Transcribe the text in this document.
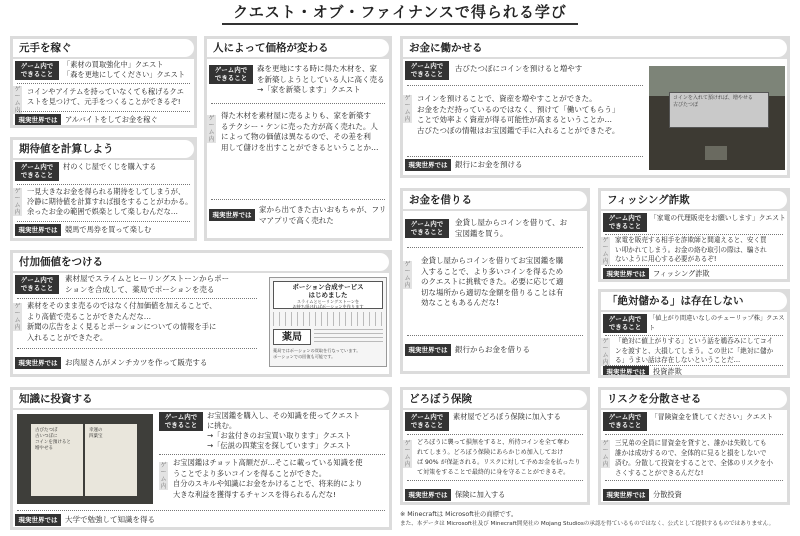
クエスト・オブ・ファイナンスで得られる学び
元手を稼ぐ
ゲーム内で
できること
「素材の買取強化中」クエスト
「森を更地にしてください」クエスト
ゲ ー ム 内
コインやアイテムを持っていなくても稼げるクエ
ストを見つけて、元手をつくることができるぞ!
現実世界では	アルバイトをしてお金を稼ぐ
期待値を計算しよう
ゲーム内で
できること
村のくじ屋でくじを購入する
ゲ ー ム 内
一見大きなお金を得られる期待をしてしまうが、
冷静に期待値を計算すれば損をすることがわかる。
余ったお金の範囲で娯楽として楽しむんだな…
現実世界では	競馬で馬券を買って楽しむ
人によって価格が変わる
ゲーム内で
できること
森を更地にする時に得た木材を、家
を新築しようとしている人に高く売る
→「家を新築します」クエスト
ゲ ー ム 内
得た木材を素材屋に売るよりも、家を新築す
るテクシー・ケンに売った方が高く売れた。人
によって物の価値は異なるので、その差を利
用して儲けを出すことができるということか…
現実世界では
家から出てきた古いおもちゃが、フリ
マアプリで高く売れた
お金に働かせる
ゲーム内で
できること
古びたつぼにコインを預けると増やす
ゲ ー ム 内
コインを預けることで、資産を増やすことができた。
お金をただ持っているのではなく、預けて「働いてもらう」
ことで効率よく資産が得る可能性が高まるということか…
古びたつぼの情報はお宝図鑑で手に入れることができたぞ。
現実世界では	銀行にお金を預ける
コインを入れて預ければ、増やせる
古びたつぼ
お金を借りる
ゲーム内で
できること
金貸し屋からコインを借りて、お
宝図鑑を買う。
ゲ ー ム 内
金貸し屋からコインを借りてお宝図鑑を購
入することで、より多いコインを得るため
のクエストに挑戦できた。必要に応じて適
切な場所から適切な金額を借りることは有
効なこともあるんだな!
現実世界では	銀行からお金を借りる
フィッシング詐欺
ゲーム内で
できること
「家電の代理販売をお願いします」クエスト
ゲ ー ム 内
家電を販売する相手を詐欺師と間違えると、安く買
い叩かれてしまう。お金の絡む取引の際は、騙され
ないように用心する必要があるぞ!
現実世界では	フィッシング詐欺
「絶対儲かる」は存在しない
ゲーム内で
できること
「値上がり間違いなしのチューリップ株」クエスト
ゲ ー ム 内
「絶対に値上がりする」という話を鵜呑みにしてコイ
ンを渡すと、大損してしまう。この世に「絶対に儲か
る」うまい話は存在しないということだ…
現実世界では	投資詐欺
付加価値をつける
ゲーム内で
できること
素材屋でスライムとヒーリングストーンからポー
ションを合成して、薬局でポーションを売る
ゲ ー ム 内
素材をそのまま売るのではなく付加価値を加えることで、
より高値で売ることができたんだな…
新聞の広告をよく見るとポーションについての情報を手に
入れることができたぞ。
現実世界では	お肉屋さんがメンチカツを作って販売する
ポーション合成サービス
はじめました
スライムとヒーリングストーンを
お持ち頂ければポーションを作ります
薬局
薬局ではポーションの買取を行なっています。
ポーションでの回復も可能です。
知識に投資する
古びたつぼ
古いつぼに
コインを預けると
増やせる
幸運の
四葉宝
ゲーム内で
できること
お宝図鑑を購入し、その知識を使ってクエスト
に挑む。
→「お盆付きのお宝買い取ります」クエスト
→「伝説の四葉宝を探しています」クエスト
ゲ ー ム 内
お宝図鑑はチョット高額だが…そこに載っている知識を使
うことでより多いコインを得ることができた。
自分のスキルや知識にお金をかけることで、将来的により
大きな利益を獲得するチャンスを得られるんだな!
現実世界では	大学で勉強して知識を得る
どろぼう保険
ゲーム内で
できること
素材屋でどろぼう保険に加入する
ゲ ー ム 内
どろぼうに襲って損無をすると、所持コインを全て奪わ
れてしまう。どろぼう保険にあらかじめ加入しておけ
ば 90% が保証される。リスクに対して予めお金を払ったり
て対策をすることで最終的に身を守ることができるぞ。
現実世界では	保険に加入する
リスクを分散させる
ゲーム内で
できること
「冒険資金を貸してください」クエスト
ゲ ー ム 内
三兄弟の全員に冒資金を貸すと、誰かは失敗しても
誰かは成功するので、全体的に見ると損をしないで
済む。分散して投資をすることで、全体のリスクを小
さくすることができるんだな!
現実世界では	分散投資
※ Minecraftは Microsoft社の商標です。
また、本データは Microsoft社及び Minecraft開発社の Mojang Studiosの承認を得ているものではなく、公式として提供するものではありません。
